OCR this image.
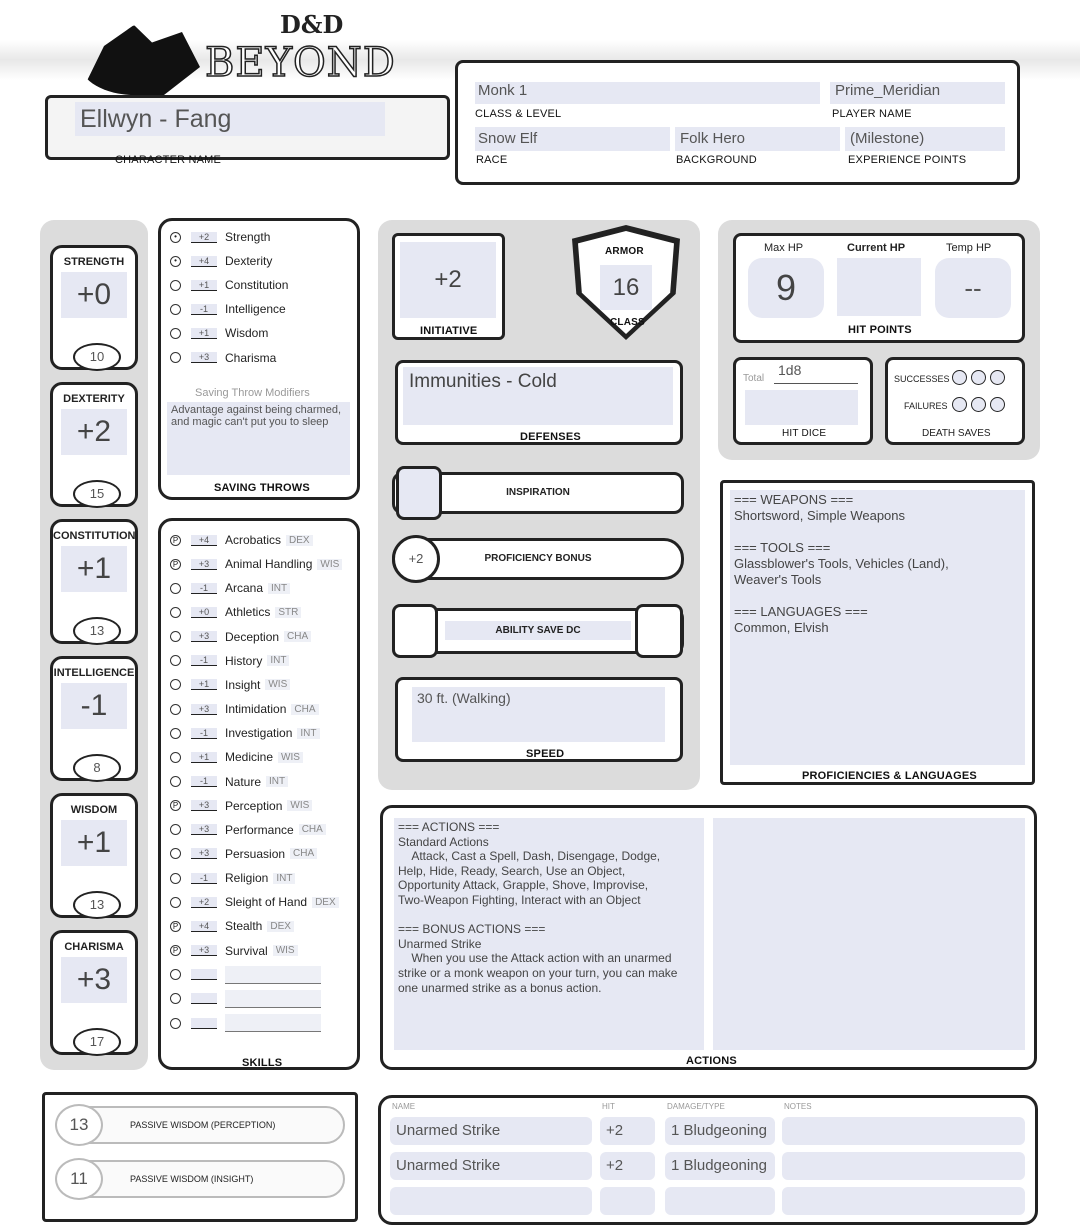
D&D
BEYOND
Ellwyn - Fang
CHARACTER NAME
Monk 1
CLASS & LEVEL
Prime_Meridian
PLAYER NAME
Snow Elf
RACE
Folk Hero
BACKGROUND
(Milestone)
EXPERIENCE POINTS
STRENGTH
+0
10
DEXTERITY
+2
15
CONSTITUTION
+1
13
INTELLIGENCE
-1
8
WISDOM
+1
13
CHARISMA
+3
17
•	+2	Strength
•	+4	Dexterity
+1	Constitution
-1	Intelligence
+1	Wisdom
+3	Charisma
Saving Throw Modifiers
Advantage against being charmed, and magic can't put you to sleep
SAVING THROWS
P	+4	Acrobatics DEX
P	+3	Animal Handling WIS
-1	Arcana INT
+0	Athletics STR
+3	Deception CHA
-1	History INT
+1	Insight WIS
+3	Intimidation CHA
-1	Investigation INT
+1	Medicine WIS
-1	Nature INT
P	+3	Perception WIS
+3	Performance CHA
+3	Persuasion CHA
-1	Religion INT
+2	Sleight of Hand DEX
P	+4	Stealth DEX
P	+3	Survival WIS

SKILLS
+2
INITIATIVE
ARMOR
16
CLASS
Immunities - Cold
DEFENSES
INSPIRATION
PROFICIENCY BONUS
+2
ABILITY SAVE DC
30 ft. (Walking)
SPEED
Max HP
9
Current HP	Temp HP
--
HIT POINTS
Total
1d8
HIT DICE
SUCCESSES
FAILURES
DEATH SAVES
=== WEAPONS ===
Shortsword, Simple Weapons

=== TOOLS ===
Glassblower's Tools, Vehicles (Land),
Weaver's Tools

=== LANGUAGES ===
Common, Elvish
PROFICIENCIES & LANGUAGES
=== ACTIONS ===
Standard Actions
Attack, Cast a Spell, Dash, Disengage, Dodge,
Help, Hide, Ready, Search, Use an Object,
Opportunity Attack, Grapple, Shove, Improvise,
Two-Weapon Fighting, Interact with an Object

=== BONUS ACTIONS ===
Unarmed Strike
When you use the Attack action with an unarmed
strike or a monk weapon on your turn, you can make
one unarmed strike as a bonus action.
ACTIONS
13	PASSIVE WISDOM (PERCEPTION)
11	PASSIVE WISDOM (INSIGHT)
NAME	HIT	DAMAGE/TYPE	NOTES
Unarmed Strike	+2	1 Bludgeoning
Unarmed Strike	+2	1 Bludgeoning
